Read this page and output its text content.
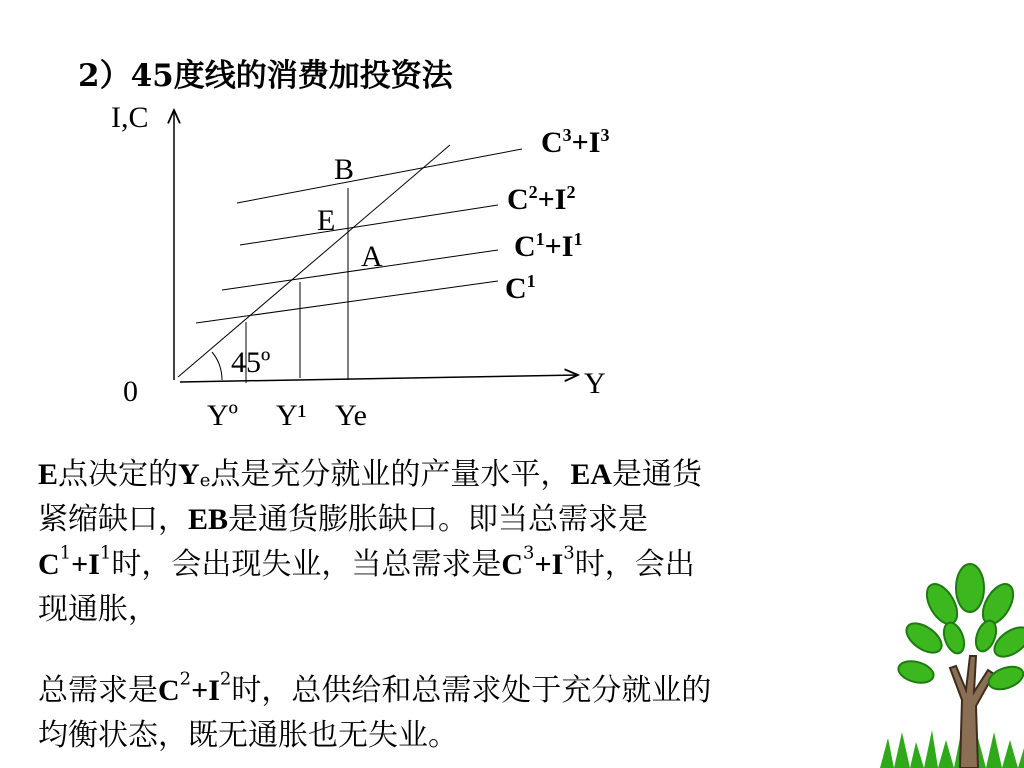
2）45度线的消费加投资法
I,C
Y
0
45º
B
E
A
Yº Y¹ Ye
$C^3+I^3$
$C^2+I^2$
$C^1+I^1$
$C^1$
E点决定的$Y_e$点是充分就业的产量水平，EA是通货
紧缩缺口，EB是通货膨胀缺口。即当总需求是
$C^1+I^1$时，会出现失业，当总需求是$C^3+I^3$时，会出
现通胀，
总需求是$C^2+I^2$时，总供给和总需求处于充分就业的
均衡状态，既无通胀也无失业。
